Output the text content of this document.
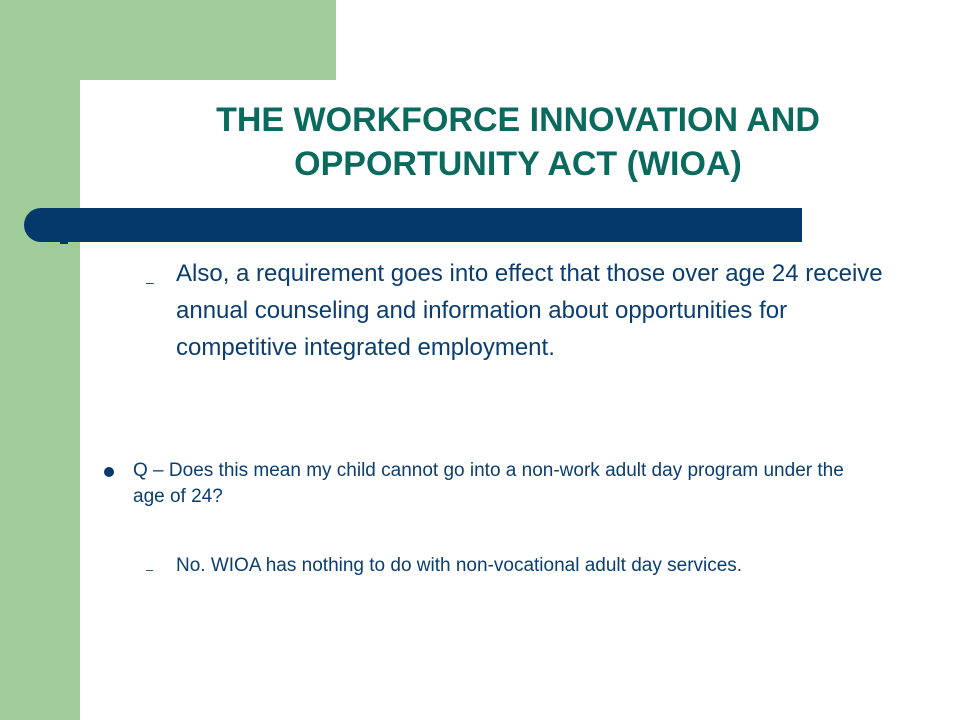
THE WORKFORCE INNOVATION AND
OPPORTUNITY ACT (WIOA)
– Also, a requirement goes into effect that those over age 24 receive annual counseling and information about opportunities for competitive integrated employment.
Q – Does this mean my child cannot go into a non-work adult day program under the age of 24?
– No. WIOA has nothing to do with non-vocational adult day services.
